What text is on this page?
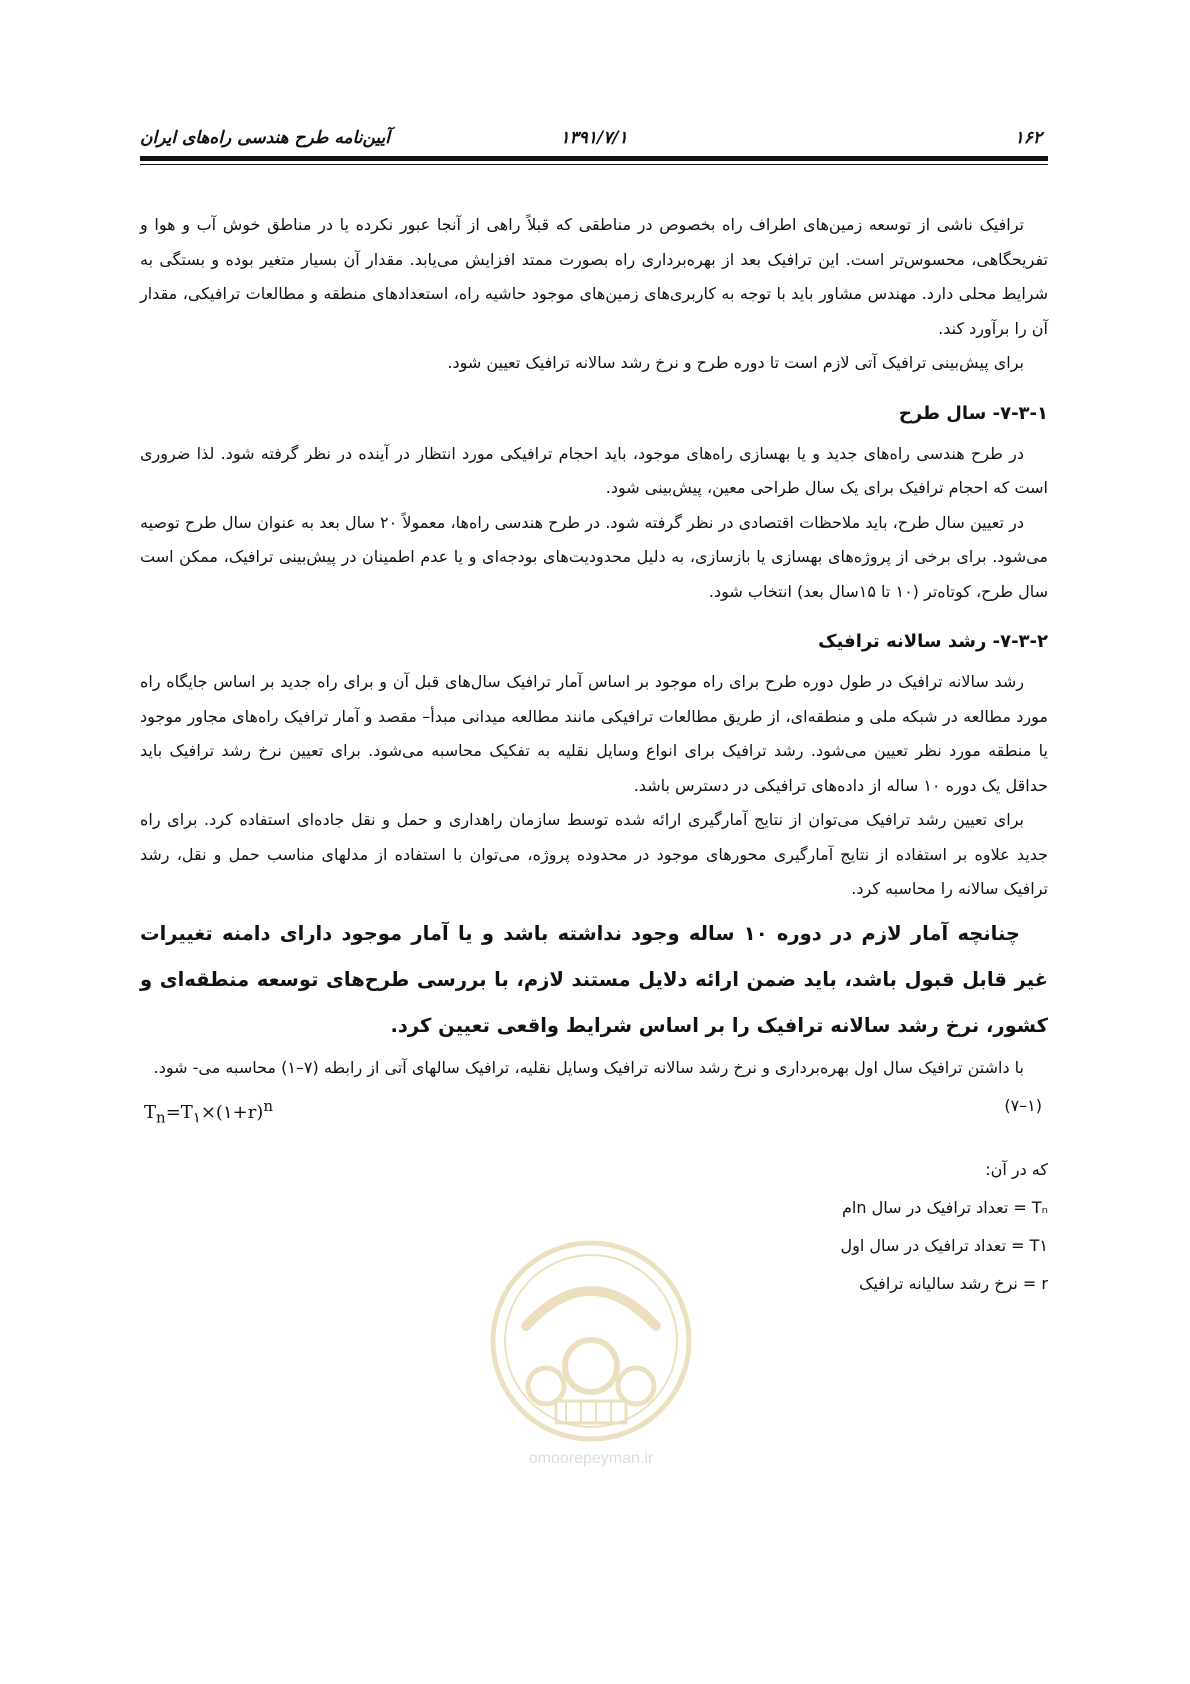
۱۶۲
۱۳۹۱/۷/۱
آیین‌نامه طرح هندسی راه‌های ایران

ترافیک ناشی از توسعه زمین‌های اطراف راه بخصوص در مناطقی که قبلاً راهی از آنجا عبور نکرده یا در مناطق خوش آب و هوا و تفریحگاهی، محسوس‌تر است. این ترافیک بعد از بهره‌برداری راه بصورت ممتد افزایش می‌یابد. مقدار آن بسیار متغیر بوده و بستگی به شرایط محلی دارد. مهندس مشاور باید با توجه به کاربری‌های زمین‌های موجود حاشیه راه، استعدادهای منطقه و مطالعات ترافیکی، مقدار آن را برآورد کند.

برای پیش‌بینی ترافیک آتی لازم است تا دوره طرح و نرخ رشد سالانه ترافیک تعیین شود.

۷-۳-۱- سال طرح

در طرح هندسی راه‌های جدید و یا بهسازی راه‌های موجود، باید احجام ترافیکی مورد انتظار در آینده در نظر گرفته شود. لذا ضروری است که احجام ترافیک برای یک سال طراحی معین، پیش‌بینی شود.

در تعیین سال طرح، باید ملاحظات اقتصادی در نظر گرفته شود. در طرح هندسی راه‌ها، معمولاً ۲۰ سال بعد به عنوان سال طرح توصیه می‌شود. برای برخی از پروژه‌های بهسازی یا بازسازی، به دلیل محدودیت‌های بودجه‌ای و یا عدم اطمینان در پیش‌بینی ترافیک، ممکن است سال طرح، کوتاه‌تر (۱۰ تا ۱۵سال بعد) انتخاب شود.

۷-۳-۲- رشد سالانه ترافیک

رشد سالانه ترافیک در طول دوره طرح برای راه موجود بر اساس آمار ترافیک سال‌های قبل آن و برای راه جدید بر اساس جایگاه راه مورد مطالعه در شبکه ملی و منطقه‌ای، از طریق مطالعات ترافیکی مانند مطالعه میدانی مبدأ– مقصد و آمار ترافیک راه‌های مجاور موجود یا منطقه مورد نظر تعیین می‌شود. رشد ترافیک برای انواع وسایل نقلیه به تفکیک محاسبه می‌شود. برای تعیین نرخ رشد ترافیک باید حداقل یک دوره ۱۰ ساله از داده‌های ترافیکی در دسترس باشد.

برای تعیین رشد ترافیک می‌توان از نتایج آمارگیری ارائه شده توسط سازمان راهداری و حمل و نقل جاده‌ای استفاده کرد. برای راه جدید علاوه بر استفاده از نتایج آمارگیری محورهای موجود در محدوده پروژه، می‌توان با استفاده از مدلهای مناسب حمل و نقل، رشد ترافیک سالانه را محاسبه کرد.

چنانچه آمار لازم در دوره ۱۰ ساله وجود نداشته باشد و یا آمار موجود دارای دامنه تغییرات غیر قابل قبول باشد، باید ضمن ارائه دلایل مستند لازم، با بررسی طرح‌های توسعه منطقه‌ای و کشور، نرخ رشد سالانه ترافیک را بر اساس شرایط واقعی تعیین کرد.

با داشتن ترافیک سال اول بهره‌برداری و نرخ رشد سالانه ترافیک وسایل نقلیه، ترافیک سالهای آتی از رابطه (۷–۱) محاسبه می- شود.

$T_n=T_۱\times(۱+r)^n$	(۷–۱)
که در آن:
Tₙ = تعداد ترافیک در سال nام
T۱ = تعداد ترافیک در سال اول
r = نرخ رشد سالیانه ترافیک
omoorepeyman.ir
